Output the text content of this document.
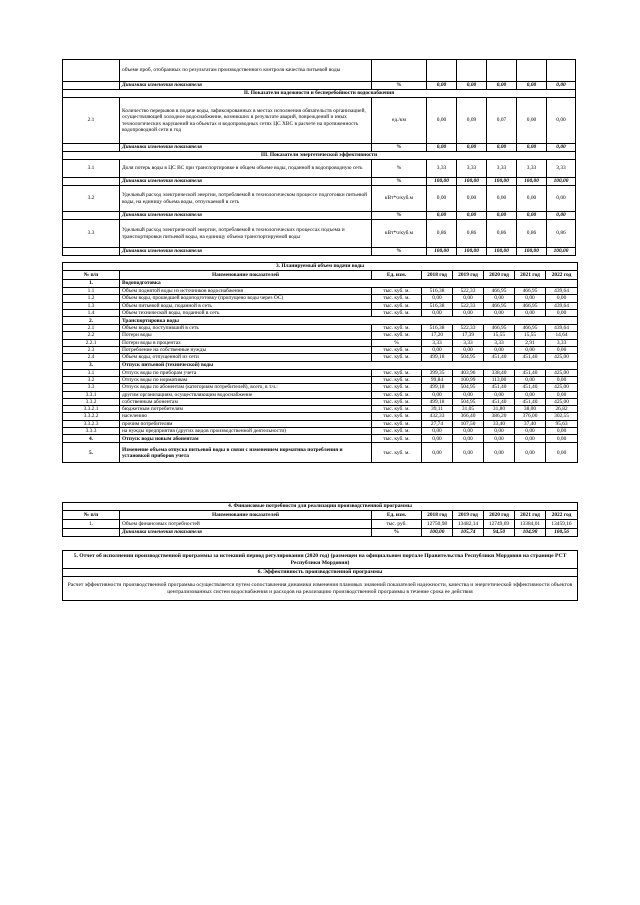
	объеме проб, отобранных по результатам производственного контроля качества питьевой воды						
	Динамика изменения показателя	%	0,00	0,00	0,00	0,00	0,00
II. Показатели надежности и бесперебойности водоснабжения							
2.1	Количество перерывов в подаче воды, зафиксированных в местах исполнения обязательств организацией, осуществляющей холодное водоснабжение, возникших в результате аварий, повреждений и иных технологических нарушений на объектах и водопроводных сетях ЦС ХВС в расчете на протяженность водопроводной сети в год	ед./км	0,00	0,09	0,07	0,00	0,00
	Динамика изменения показателя	%	0,00	0,00	0,00	0,00	0,00
III. Показатели энергетической эффективности							
3.1	Доля потерь воды в ЦС ВС при транспортировке в общем объеме воды, поданной в водопроводную сеть	%	3,33	3,33	3,33	3,33	3,33
	Динамика изменения показателя	%	100,00	100,00	100,00	100,00	100,00
3.2	Удельный расход электрической энергии, потребляемой в технологическом процессе подготовки питьевой воды, на единицу объема воды, отпускаемой в сеть	кВт*ч/куб.м	0,00	0,00	0,00	0,00	0,00
	Динамика изменения показателя	%	0,00	0,00	0,00	0,00	0,00
3.3	Удельный расход электрической энергии, потребляемой в технологических процессах подъема и транспортировки питьевой воды, на единицу объема транспортируемой воды	кВт*ч/куб.м	0,86	0,86	0,86	0,86	0,86
	Динамика изменения показателя	%	100,00	100,00	100,00	100,00	100,00
3. Планируемый объем подачи воды							
№ п/п	Наименование показателей	Ед. изм.	2018 год	2019 год	2020 год	2021 год	2022 год
1.	Водоподготовка						
1.1	Объем поднятой воды из источников водоснабжения	тыс. куб. м.	516,38	522,33	466,95	466,95	439,64
1.2	Объем воды, прошедшей водоподготовку (пропущено воды через ОС)	тыс. куб. м.	0,00	0,00	0,00	0,00	0,00
1.3	Объем питьевой воды, поданной в сеть	тыс. куб. м.	516,38	522,33	466,95	466,95	439,64
1.4	Объем технической воды, поданной в сеть	тыс. куб. м.	0,00	0,00	0,00	0,00	0,00
2.	Транспортировка воды						
2.1	Объем воды, поступивший в сеть	тыс. куб. м.	516,38	522,33	466,95	466,95	439,64
2.2	Потери воды	тыс. куб. м.	17,20	17,39	15,55	15,55	14,64
2.2.1	Потери воды в процентах	%	3,33	3,33	3,33	2,91	3,33
2.3	Потребление на собственные нужды	тыс. куб. м.	0,00	0,00	0,00	0,00	0,00
2.4	Объем воды, отпущенной из сети	тыс. куб. м.	499,18	504,95	451,40	451,40	425,00
3.	Отпуск питьевой (технической) воды						
3.1	Отпуск воды по приборам учета	тыс. куб. м.	399,35	403,96	338,40	451,40	425,00
3.2	Отпуск воды по нормативам	тыс. куб. м.	99,84	100,99	113,00	0,00	0,00
3.3	Отпуск воды по абонентам (категориям потребителей), всего, в т.ч.:	тыс. куб. м.	499,18	504,95	451,40	451,40	425,00
3.3.1	другим организациям, осуществляющим водоснабжение	тыс. куб. м.	0,00	0,00	0,00	0,00	0,00
3.3.2	собственным абонентам	тыс. куб. м.	499,18	504,95	451,40	451,40	425,00
3.3.2.1	бюджетным потребителям	тыс. куб. м.	39,11	31,05	31,80	38,00	26,82
3.3.2.2	населению	тыс. куб. м.	432,33	366,40	386,20	376,00	302,55
3.3.2.3	прочим потребителям	тыс. куб. м.	27,74	107,50	33,40	37,40	95,63
3.3.3	на нужды предприятия (других видов производственной деятельности)	тыс. куб. м.	0,00	0,00	0,00	0,00	0,00
4.	Отпуск воды новым абонентам	тыс. куб. м.	0,00	0,00	0,00	0,00	0,00
5.	Изменение объема отпуска питьевой воды в связи с изменением норматива потребления и установкой приборов учета	тыс. куб. м.	0,00	0,00	0,00	0,00	0,00
4. Финансовые потребности для реализации производственной программы							
№ п/п	Наименование показателей	Ед. изм.	2018 год	2019 год	2020 год	2021 год	2022 год
1.	Объем финансовых потребностей	тыс. руб.	12750,98	13482,14	12749,69	13384,01	13459,16
	Динамика изменения показателя	%	100,00	105,74	94,50	104,98	100,56
5. Отчет об исполнении производственной программы за истекший период регулирования (2020 год) (размещен на официальном портале Правительства Республики Мордовия на странице РСТ Республики Мордовия)
6. Эффективность производственной программы
Расчет эффективности производственной программы осуществляется путем сопоставления динамики изменения плановых значений показателей надежности, качества и энергетической эффективности объектов централизованных систем водоснабжения и расходов на реализацию производственной программы в течение срока ее действия
